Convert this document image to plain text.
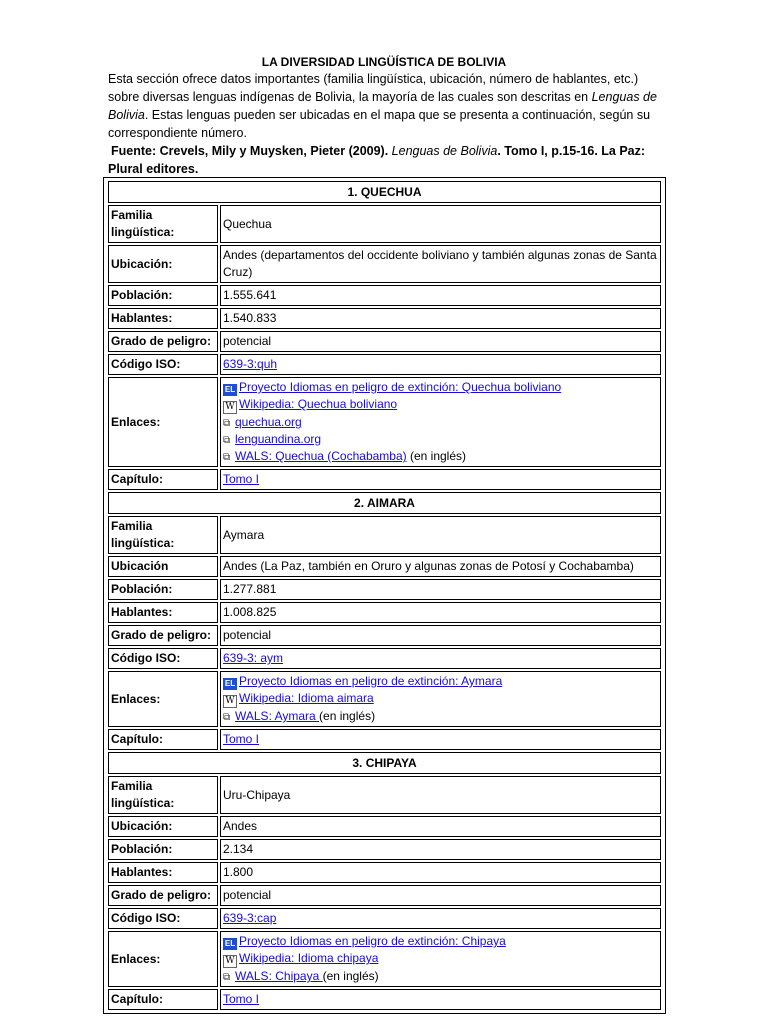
LA DIVERSIDAD LINGÜÍSTICA DE BOLIVIA

Esta sección ofrece datos importantes (familia lingüística, ubicación, número de hablantes, etc.) sobre diversas lenguas indígenas de Bolivia, la mayoría de las cuales son descritas en Lenguas de Bolivia. Estas lenguas pueden ser ubicadas en el mapa que se presenta a continuación, según su correspondiente número.

Fuente: Crevels, Mily y Muysken, Pieter (2009). Lenguas de Bolivia. Tomo I, p.15-16. La Paz: Plural editores.

1. QUECHUA	
Familia lingüística:	Quechua
Ubicación:	Andes (departamentos del occidente boliviano y también algunas zonas de Santa Cruz)
Población:	1.555.641
Hablantes:	1.540.833
Grado de peligro:	potencial
Código ISO:	639-3:quh
Enlaces:	EL Proyecto Idiomas en peligro de extinción: Quechua boliviano
W Wikipedia: Quechua boliviano
⧉ quechua.org
⧉ lenguandina.org
⧉ WALS: Quechua (Cochabamba) (en inglés)

Capítulo:	Tomo I
2. AIMARA	
Familia lingüística:	Aymara
Ubicación	Andes (La Paz, también en Oruro y algunas zonas de Potosí y Cochabamba)
Población:	1.277.881
Hablantes:	1.008.825
Grado de peligro:	potencial
Código ISO:	639-3: aym
Enlaces:	EL Proyecto Idiomas en peligro de extinción: Aymara
W Wikipedia: Idioma aimara
⧉ WALS: Aymara (en inglés)

Capítulo:	Tomo I
3. CHIPAYA	
Familia lingüística:	Uru-Chipaya
Ubicación:	Andes
Población:	2.134
Hablantes:	1.800
Grado de peligro:	potencial
Código ISO:	639-3:cap
Enlaces:	EL Proyecto Idiomas en peligro de extinción: Chipaya
W Wikipedia: Idioma chipaya
⧉ WALS: Chipaya (en inglés)

Capítulo:	Tomo I
